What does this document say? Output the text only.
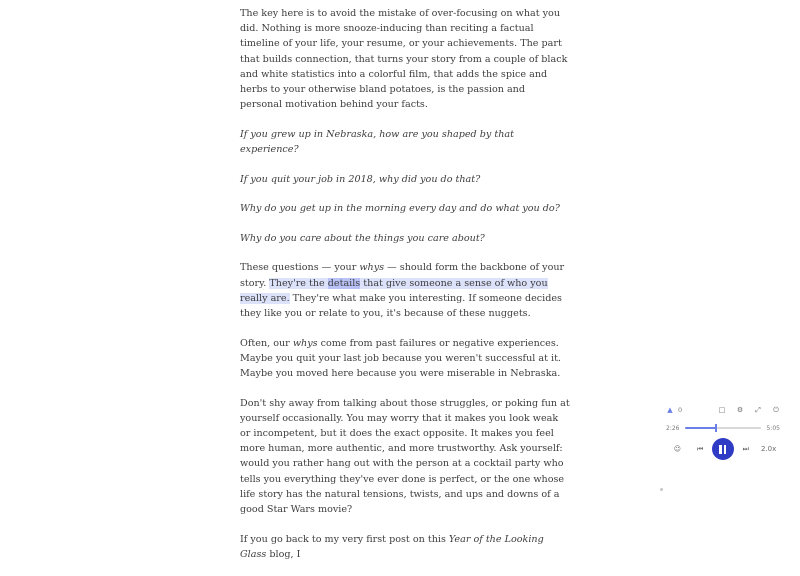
The key here is to avoid the mistake of over-focusing on what you did. Nothing is more snooze-inducing than reciting a factual timeline of your life, your resume, or your achievements. The part that builds connection, that turns your story from a couple of black and white statistics into a colorful film, that adds the spice and herbs to your otherwise bland potatoes, is the passion and personal motivation behind your facts.

If you grew up in Nebraska, how are you shaped by that experience?

If you quit your job in 2018, why did you do that?

Why do you get up in the morning every day and do what you do?

Why do you care about the things you care about?

These questions — your whys — should form the backbone of your story. They're the details that give someone a sense of who you really are. They're what make you interesting. If someone decides they like you or relate to you, it's because of these nuggets.

Often, our whys come from past failures or negative experiences. Maybe you quit your last job because you weren't successful at it. Maybe you moved here because you were miserable in Nebraska.

Don't shy away from talking about those struggles, or poking fun at yourself occasionally. You may worry that it makes you look weak or incompetent, but it does the exact opposite. It makes you feel more human, more authentic, and more trustworthy. Ask yourself: would you rather hang out with the person at a cocktail party who tells you everything they've ever done is perfect, or the one whose life story has the natural tensions, twists, and ups and downs of a good Star Wars movie?

If you go back to my very first post on this Year of the Looking Glass blog, I

▲ 0	□ ⚙ ⤢ ⏻
2:26	5:05
☺ ⏮	⏭ 2.0x
